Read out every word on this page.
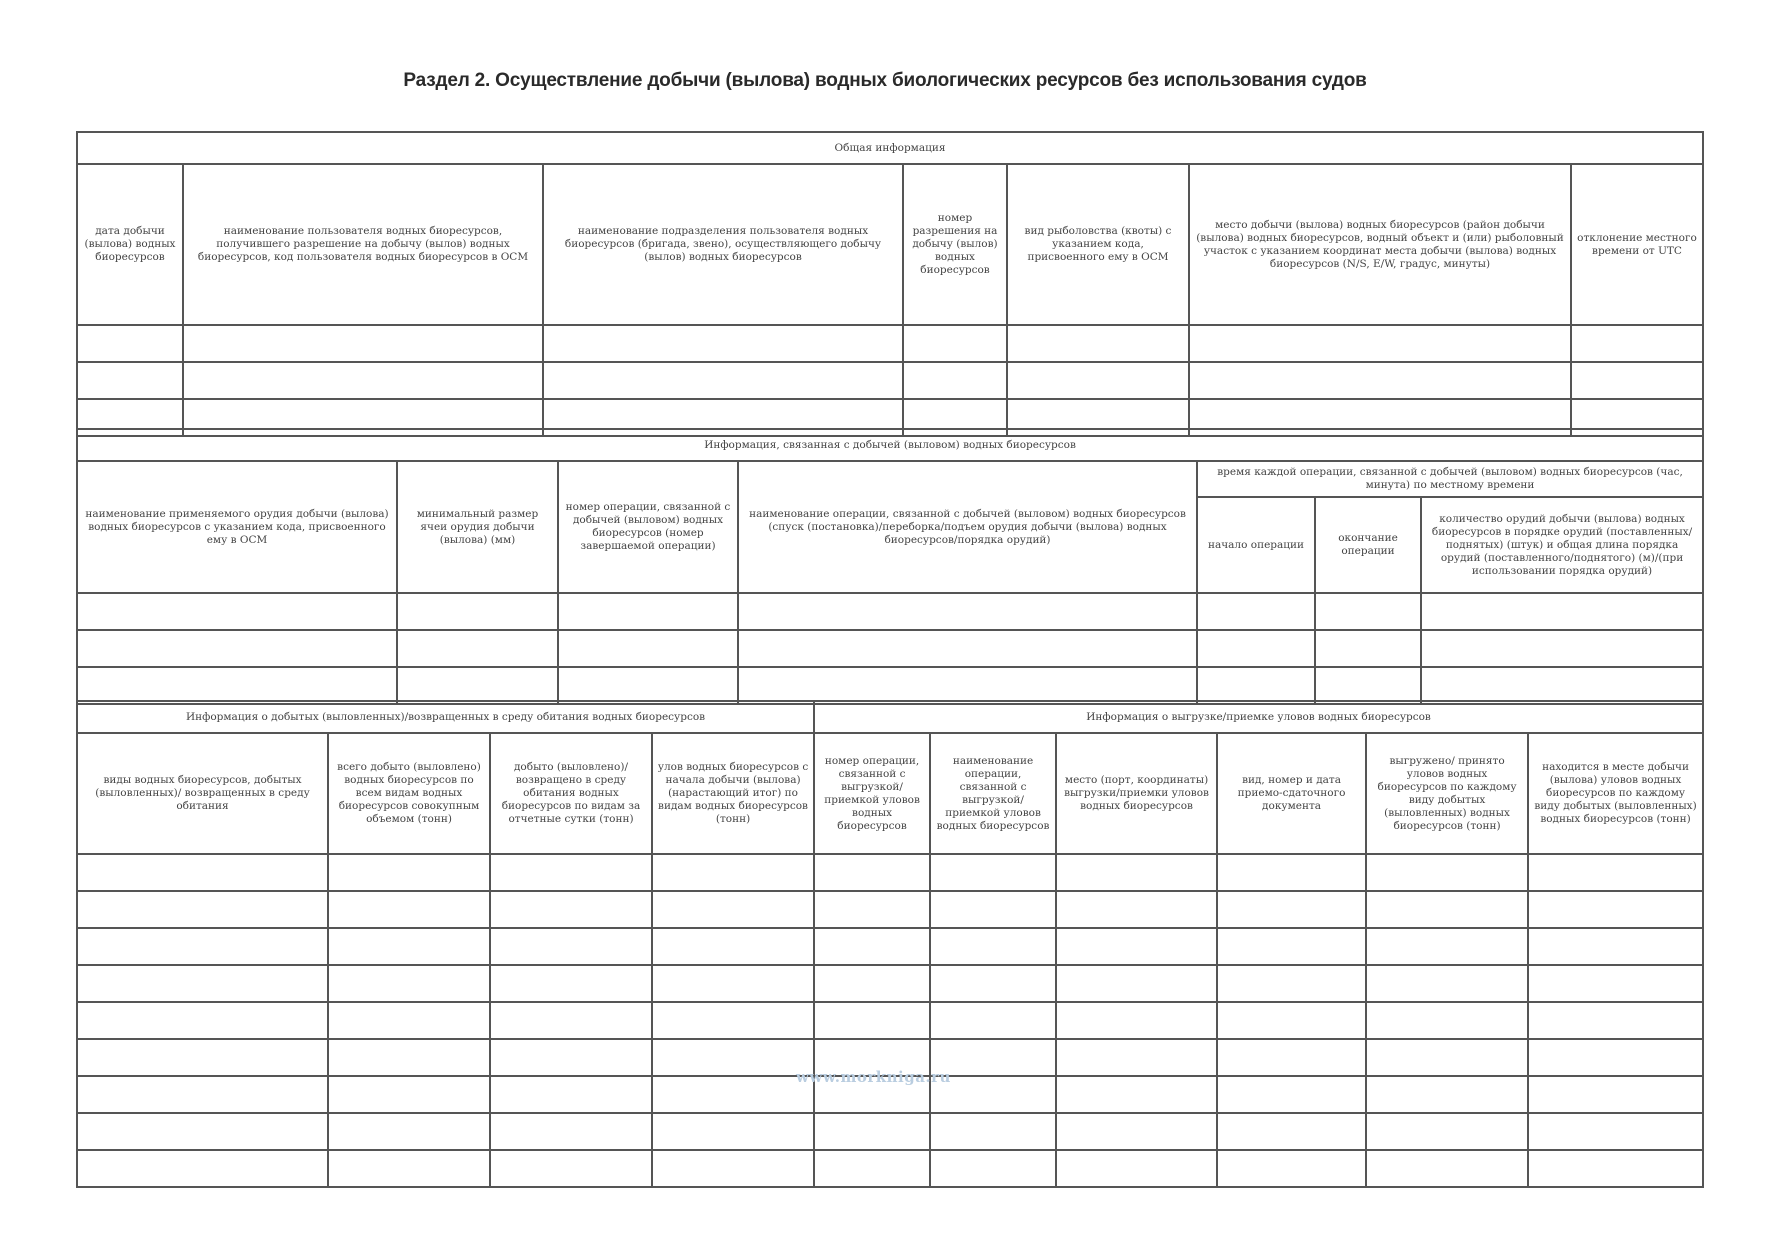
Раздел 2. Осуществление добычи (вылова) водных биологических ресурсов без использования судов
Общая информация						
дата добычи (вылова) водных биоресурсов	наименование пользователя водных биоресурсов, получившего разрешение на добычу (вылов) водных биоресурсов, код пользователя водных биоресурсов в ОСМ	наименование подразделения пользователя водных биоресурсов (бригада, звено), осуществляющего добычу (вылов) водных биоресурсов	номер разрешения на добычу (вылов) водных биоресурсов	вид рыболовства (квоты) с указанием кода, присвоенного ему в ОСМ	место добычи (вылова) водных биоресурсов (район добычи (вылова) водных биоресурсов, водный объект и (или) рыболовный участок с указанием координат места добычи (вылова) водных биоресурсов (N/S, E/W, градус, минуты)	отклонение местного времени от UTC

Информация, связанная с добычей (выловом) водных биоресурсов						
наименование применяемого орудия добычи (вылова) водных биоресурсов с указанием кода, присвоенного ему в ОСМ	минимальный размер ячеи орудия добычи (вылова) (мм)	номер операции, связанной с добычей (выловом) водных биоресурсов (номер завершаемой операции)	наименование операции, связанной с добычей (выловом) водных биоресурсов (спуск (постановка)/переборка/подъем орудия добычи (вылова) водных биоресурсов/порядка орудий)	время каждой операции, связанной с добычей (выловом) водных биоресурсов (час, минута) по местному времени		
				начало операции	окончание операции	количество орудий добычи (вылова) водных биоресурсов в порядке орудий (поставленных/поднятых) (штук) и общая длина порядка орудий (поставленного/поднятого) (м)/(при использовании порядка орудий)

Информация о добытых (выловленных)/возвращенных в среду обитания водных биоресурсов				Информация о выгрузке/приемке уловов водных биоресурсов					
виды водных биоресурсов, добытых (выловленных)/ возвращенных в среду обитания	всего добыто (выловлено) водных биоресурсов по всем видам водных биоресурсов совокупным объемом (тонн)	добыто (выловлено)/ возвращено в среду обитания водных биоресурсов по видам за отчетные сутки (тонн)	улов водных биоресурсов с начала добычи (вылова) (нарастающий итог) по видам водных биоресурсов (тонн)	номер операции, связанной с выгрузкой/ приемкой уловов водных биоресурсов	наименование операции, связанной с выгрузкой/ приемкой уловов водных биоресурсов	место (порт, координаты) выгрузки/приемки уловов водных биоресурсов	вид, номер и дата приемо-сдаточного документа	выгружено/ принято уловов водных биоресурсов по каждому виду добытых (выловленных) водных биоресурсов (тонн)	находится в месте добычи (вылова) уловов водных биоресурсов по каждому виду добытых (выловленных) водных биоресурсов (тонн)

www.morkniga.ru
